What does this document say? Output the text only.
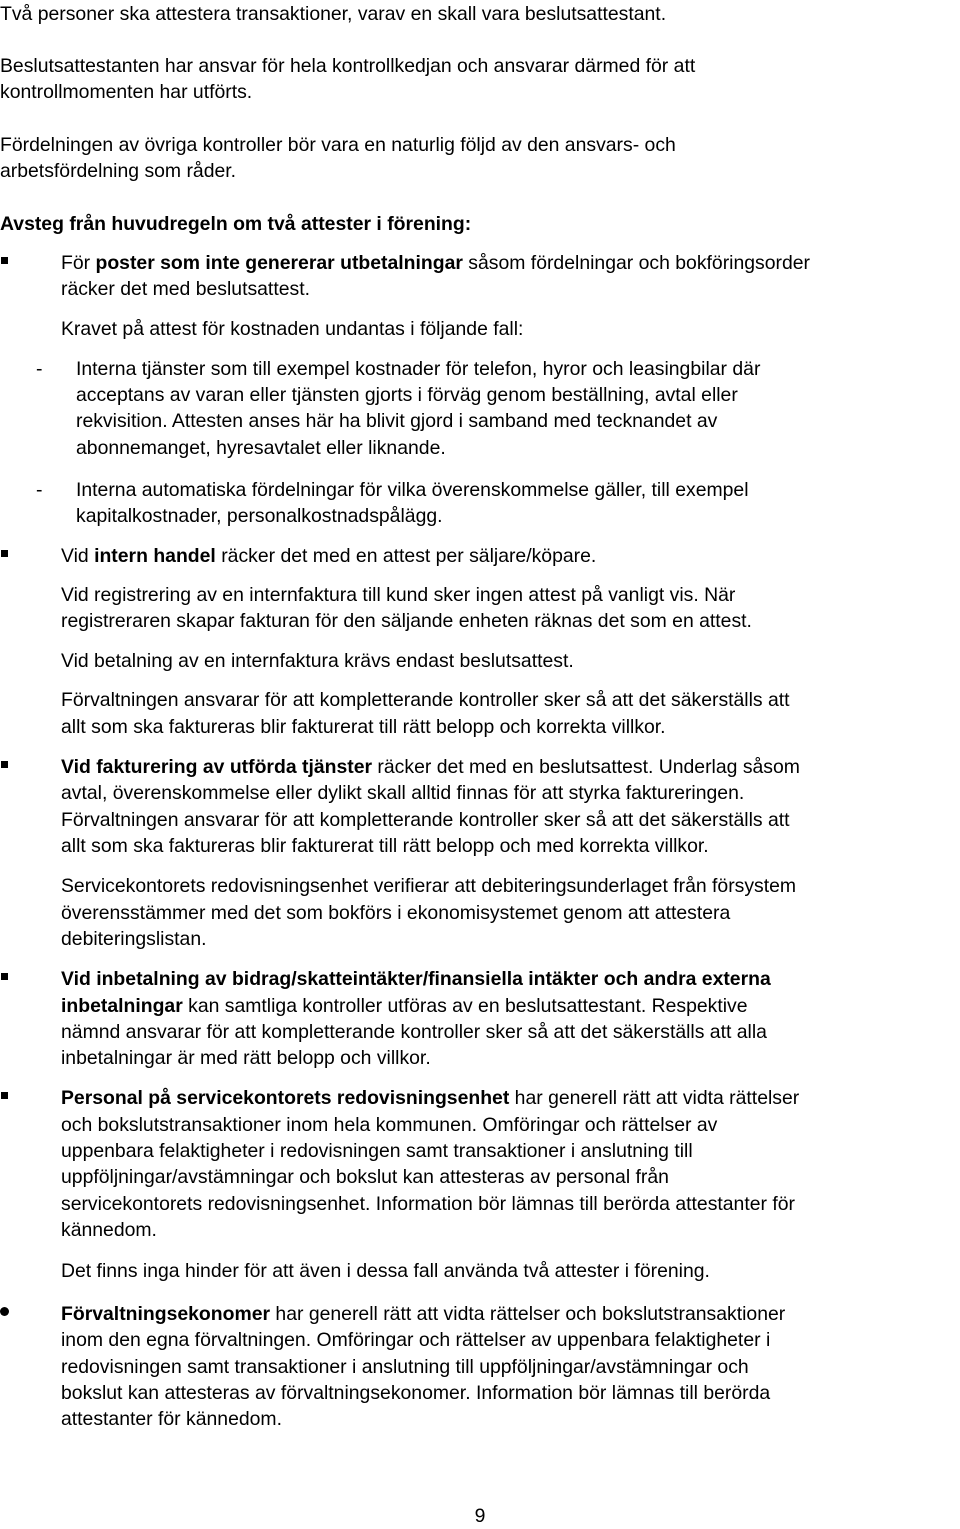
Två personer ska attestera transaktioner, varav en skall vara beslutsattestant.

Beslutsattestanten har ansvar för hela kontrollkedjan och ansvarar därmed för att

kontrollmomenten har utförts.

Fördelningen av övriga kontroller bör vara en naturlig följd av den ansvars- och

arbetsfördelning som råder.

Avsteg från huvudregeln om två attester i förening:

För poster som inte genererar utbetalningar såsom fördelningar och bokföringsorder

räcker det med beslutsattest.

Kravet på attest för kostnaden undantas i följande fall:

- Interna tjänster som till exempel kostnader för telefon, hyror och leasingbilar där

acceptans av varan eller tjänsten gjorts i förväg genom beställning, avtal eller

rekvisition. Attesten anses här ha blivit gjord i samband med tecknandet av

abonnemanget, hyresavtalet eller liknande.

- Interna automatiska fördelningar för vilka överenskommelse gäller, till exempel

kapitalkostnader, personalkostnadspålägg.

Vid intern handel räcker det med en attest per säljare/köpare.

Vid registrering av en internfaktura till kund sker ingen attest på vanligt vis. När

registreraren skapar fakturan för den säljande enheten räknas det som en attest.

Vid betalning av en internfaktura krävs endast beslutsattest.

Förvaltningen ansvarar för att kompletterande kontroller sker så att det säkerställs att

allt som ska faktureras blir fakturerat till rätt belopp och korrekta villkor.

Vid fakturering av utförda tjänster räcker det med en beslutsattest. Underlag såsom

avtal, överenskommelse eller dylikt skall alltid finnas för att styrka faktureringen.

Förvaltningen ansvarar för att kompletterande kontroller sker så att det säkerställs att

allt som ska faktureras blir fakturerat till rätt belopp och med korrekta villkor.

Servicekontorets redovisningsenhet verifierar att debiteringsunderlaget från försystem

överensstämmer med det som bokförs i ekonomisystemet genom att attestera

debiteringslistan.

Vid inbetalning av bidrag/skatteintäkter/finansiella intäkter och andra externa

inbetalningar kan samtliga kontroller utföras av en beslutsattestant. Respektive

nämnd ansvarar för att kompletterande kontroller sker så att det säkerställs att alla

inbetalningar är med rätt belopp och villkor.

Personal på servicekontorets redovisningsenhet har generell rätt att vidta rättelser

och bokslutstransaktioner inom hela kommunen. Omföringar och rättelser av

uppenbara felaktigheter i redovisningen samt transaktioner i anslutning till

uppföljningar/avstämningar och bokslut kan attesteras av personal från

servicekontorets redovisningsenhet. Information bör lämnas till berörda attestanter för

kännedom.

Det finns inga hinder för att även i dessa fall använda två attester i förening.

Förvaltningsekonomer har generell rätt att vidta rättelser och bokslutstransaktioner

inom den egna förvaltningen. Omföringar och rättelser av uppenbara felaktigheter i

redovisningen samt transaktioner i anslutning till uppföljningar/avstämningar och

bokslut kan attesteras av förvaltningsekonomer. Information bör lämnas till berörda

attestanter för kännedom.

9
